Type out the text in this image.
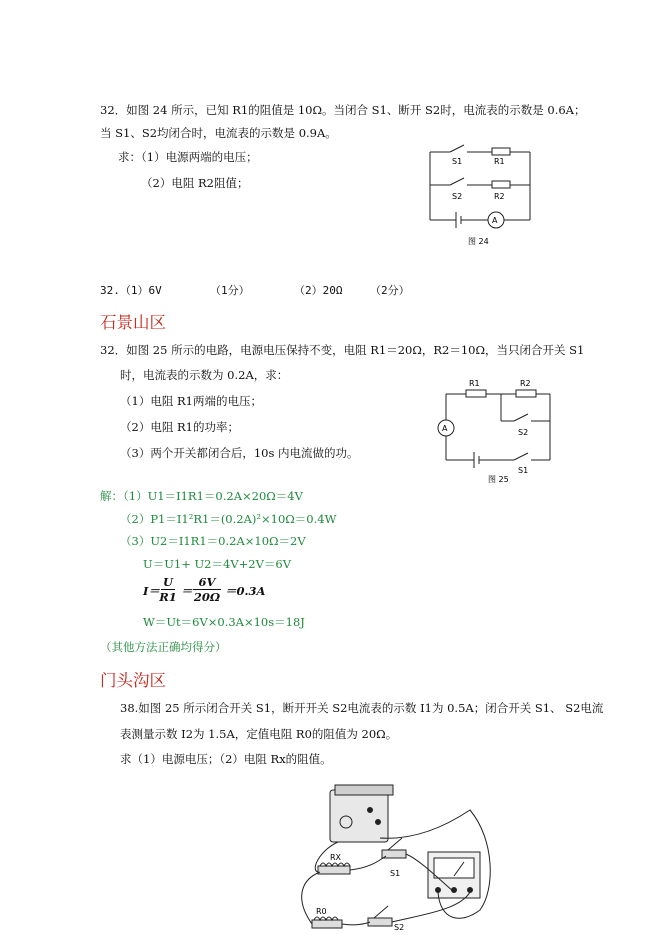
32．如图 24 所示，已知 R1的阻值是 10Ω。当闭合 S1、断开 S2时，电流表的示数是 0.6A；
当 S1、S2均闭合时，电流表的示数是 0.9A。
求：（1）电源两端的电压；
（2）电阻 R2阻值；
S1	R1
S2	R2
A
图 24
32.（1）6V	（1分）	（2）20Ω	（2分）
石景山区
32．如图 25 所示的电路，电源电压保持不变，电阻 R1＝20Ω，R2＝10Ω，当只闭合开关 S1
时，电流表的示数为 0.2A，求：
（1）电阻 R1两端的电压；
（2）电阻 R1的功率；
（3）两个开关都闭合后，10s 内电流做的功。
R1	R2
A	S2
S1
图 25
解：（1）U1＝I1R1＝0.2A×20Ω＝4V
（2）P1＝I1²R1＝(0.2A)²×10Ω＝0.4W
（3）U2＝I1R1＝0.2A×10Ω＝2V
U＝U1+ U2＝4V+2V＝6V
I＝
U
R1 ＝
6V
20Ω ＝0.3A
W＝Ut＝6V×0.3A×10s＝18J
（其他方法正确均得分）
门头沟区
38.如图 25 所示闭合开关 S1，断开开关 S2电流表的示数 I1为 0.5A；闭合开关 S1、 S2电流
表测量示数 I2为 1.5A，定值电阻 R0的阻值为 20Ω。
求（1）电源电压；（2）电阻 Rx的阻值。
RX
R0
S1
S2
